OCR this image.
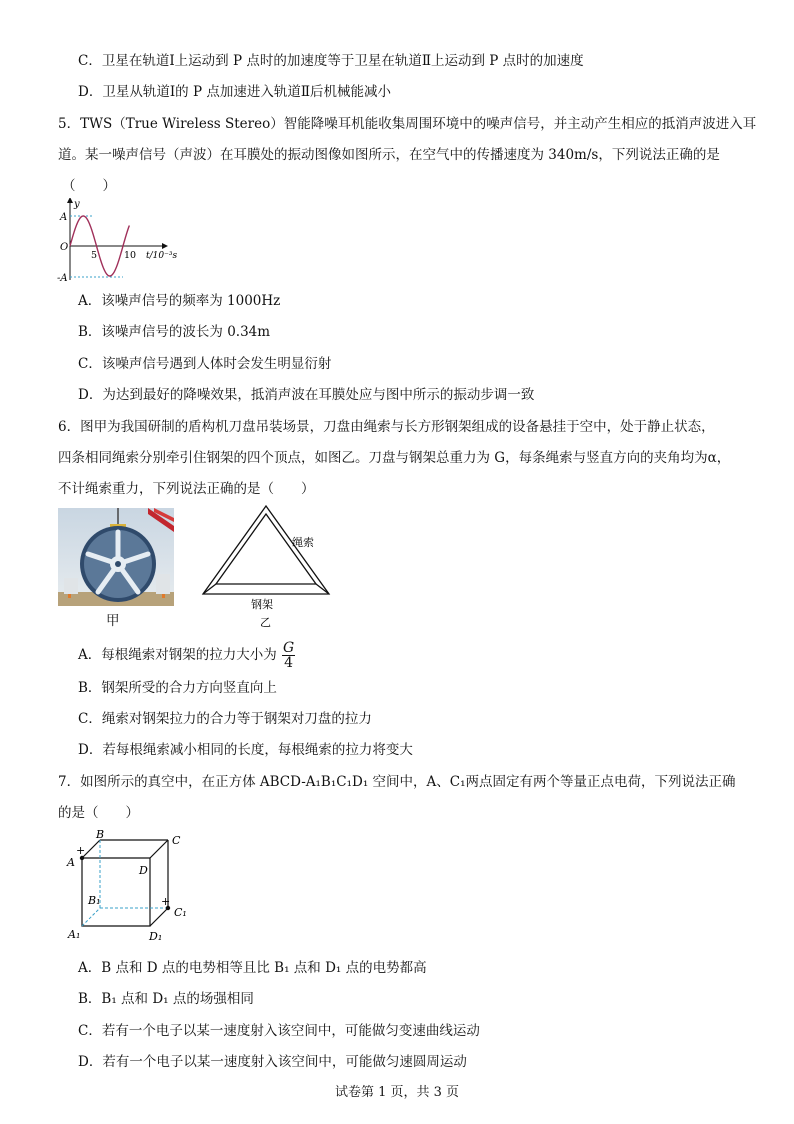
C．卫星在轨道Ⅰ上运动到 P 点时的加速度等于卫星在轨道Ⅱ上运动到 P 点时的加速度
D．卫星从轨道Ⅰ的 P 点加速进入轨道Ⅱ后机械能减小
5．TWS（True Wireless Stereo）智能降噪耳机能收集周围环境中的噪声信号，并主动产生相应的抵消声波进入耳
道。某一噪声信号（声波）在耳膜处的振动图像如图所示，在空气中的传播速度为 340m/s，下列说法正确的是
（　　）
y
A
O
-A
5	10 t/10⁻³s
A．该噪声信号的频率为 1000Hz
B．该噪声信号的波长为 0.34m
C．该噪声信号遇到人体时会发生明显衍射
D．为达到最好的降噪效果，抵消声波在耳膜处应与图中所示的振动步调一致
6．图甲为我国研制的盾构机刀盘吊装场景，刀盘由绳索与长方形钢架组成的设备悬挂于空中，处于静止状态，
四条相同绳索分别牵引住钢架的四个顶点，如图乙。刀盘与钢架总重力为 G，每条绳索与竖直方向的夹角均为α，
不计绳索重力，下列说法正确的是（　　）
甲
绳索
钢架
乙
A．每根绳索对钢架的拉力大小为 $\frac{G}{4}$
B．钢架所受的合力方向竖直向上
C．绳索对钢架拉力的合力等于钢架对刀盘的拉力
D．若每根绳索减小相同的长度，每根绳索的拉力将变大
7．如图所示的真空中，在正方体 ABCD-A₁B₁C₁D₁ 空间中，A、C₁两点固定有两个等量正点电荷，下列说法正确
的是（　　）
B	C
+
A
D
B₁	+
C₁
A₁	D₁
A．B 点和 D 点的电势相等且比 B₁ 点和 D₁ 点的电势都高
B．B₁ 点和 D₁ 点的场强相同
C．若有一个电子以某一速度射入该空间中，可能做匀变速曲线运动
D．若有一个电子以某一速度射入该空间中，可能做匀速圆周运动
试卷第 1 页，共 3 页
